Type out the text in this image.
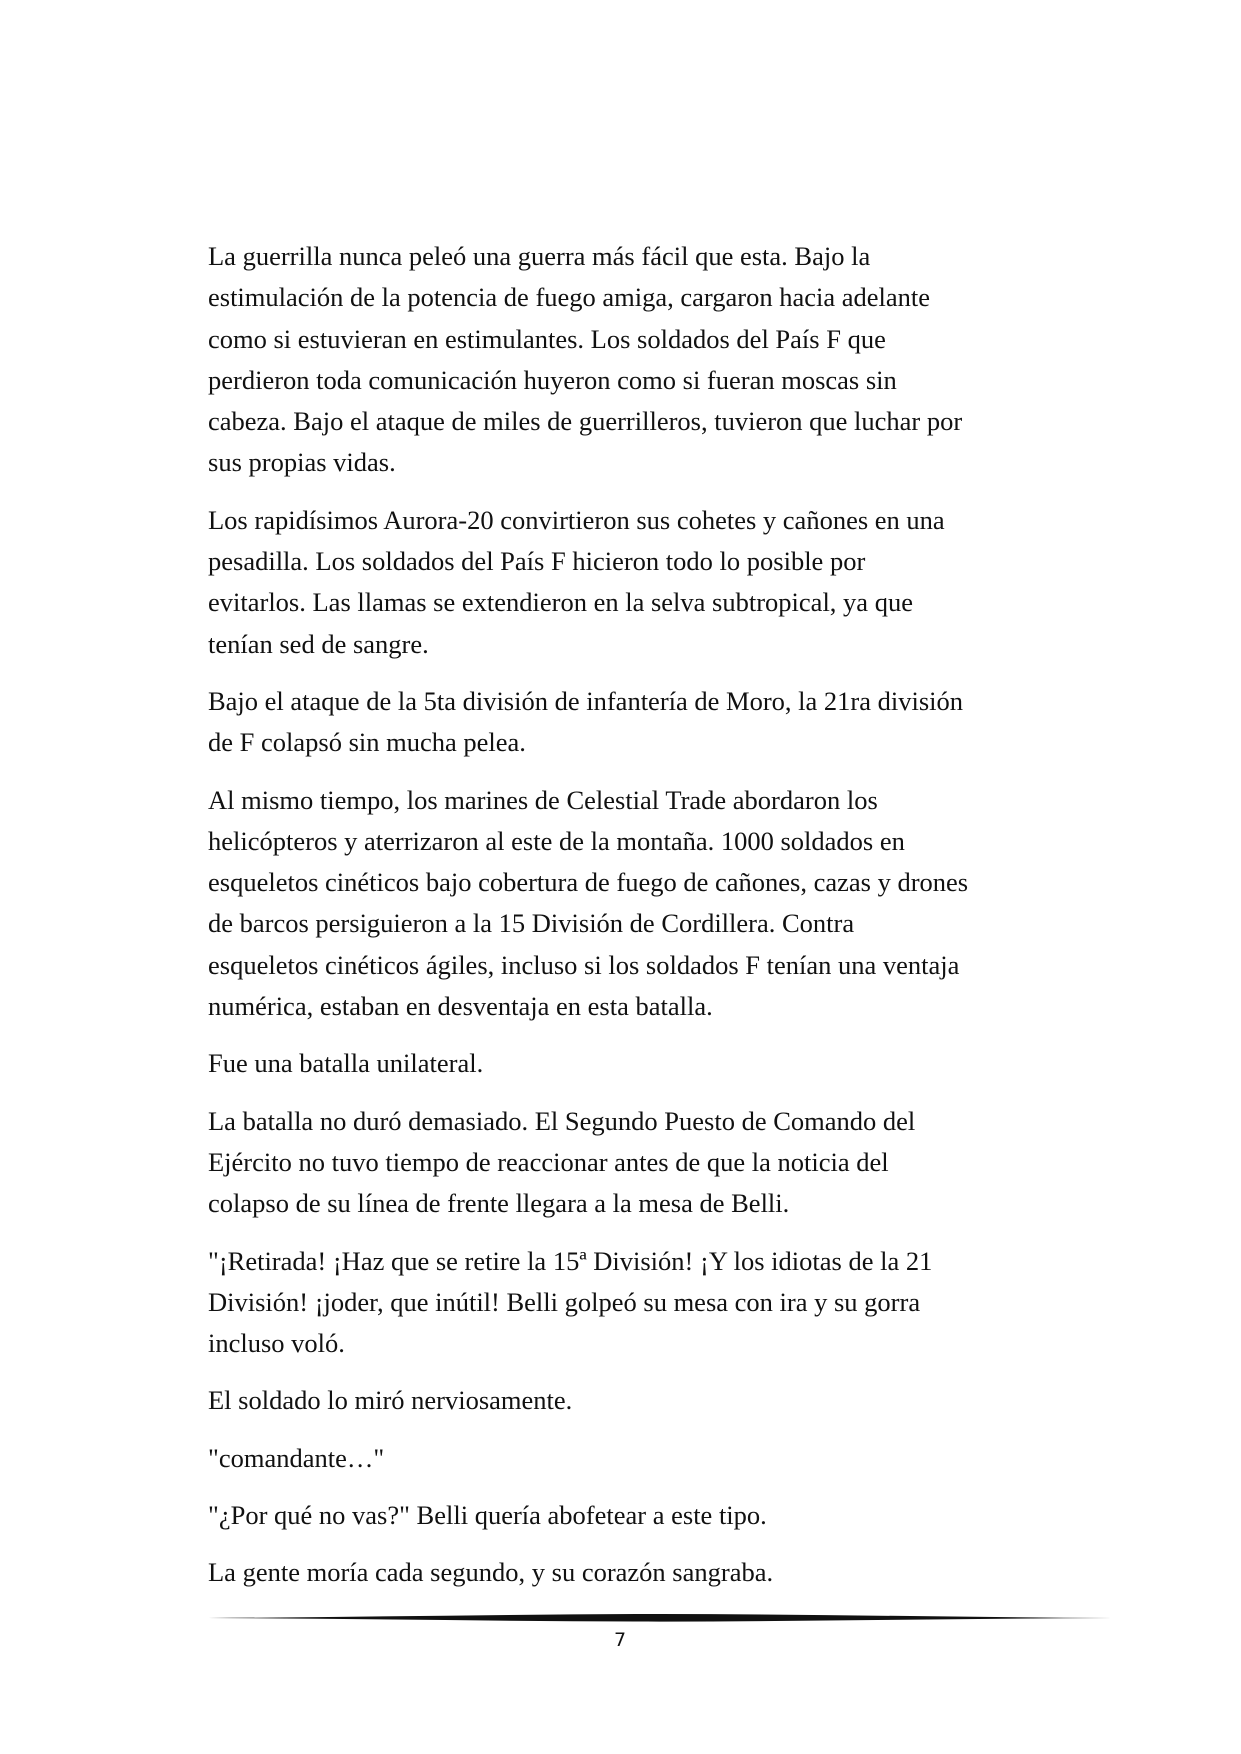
La guerrilla nunca peleó una guerra más fácil que esta. Bajo la
estimulación de la potencia de fuego amiga, cargaron hacia adelante
como si estuvieran en estimulantes. Los soldados del País F que
perdieron toda comunicación huyeron como si fueran moscas sin
cabeza. Bajo el ataque de miles de guerrilleros, tuvieron que luchar por
sus propias vidas.

Los rapidísimos Aurora-20 convirtieron sus cohetes y cañones en una
pesadilla. Los soldados del País F hicieron todo lo posible por
evitarlos. Las llamas se extendieron en la selva subtropical, ya que
tenían sed de sangre.

Bajo el ataque de la 5ta división de infantería de Moro, la 21ra división
de F colapsó sin mucha pelea.

Al mismo tiempo, los marines de Celestial Trade abordaron los
helicópteros y aterrizaron al este de la montaña. 1000 soldados en
esqueletos cinéticos bajo cobertura de fuego de cañones, cazas y drones
de barcos persiguieron a la 15 División de Cordillera. Contra
esqueletos cinéticos ágiles, incluso si los soldados F tenían una ventaja
numérica, estaban en desventaja en esta batalla.

Fue una batalla unilateral.

La batalla no duró demasiado. El Segundo Puesto de Comando del
Ejército no tuvo tiempo de reaccionar antes de que la noticia del
colapso de su línea de frente llegara a la mesa de Belli.

"¡Retirada! ¡Haz que se retire la 15ª División! ¡Y los idiotas de la 21
División! ¡joder, que inútil! Belli golpeó su mesa con ira y su gorra
incluso voló.

El soldado lo miró nerviosamente.

"comandante…"

"¿Por qué no vas?" Belli quería abofetear a este tipo.

La gente moría cada segundo, y su corazón sangraba.

7
